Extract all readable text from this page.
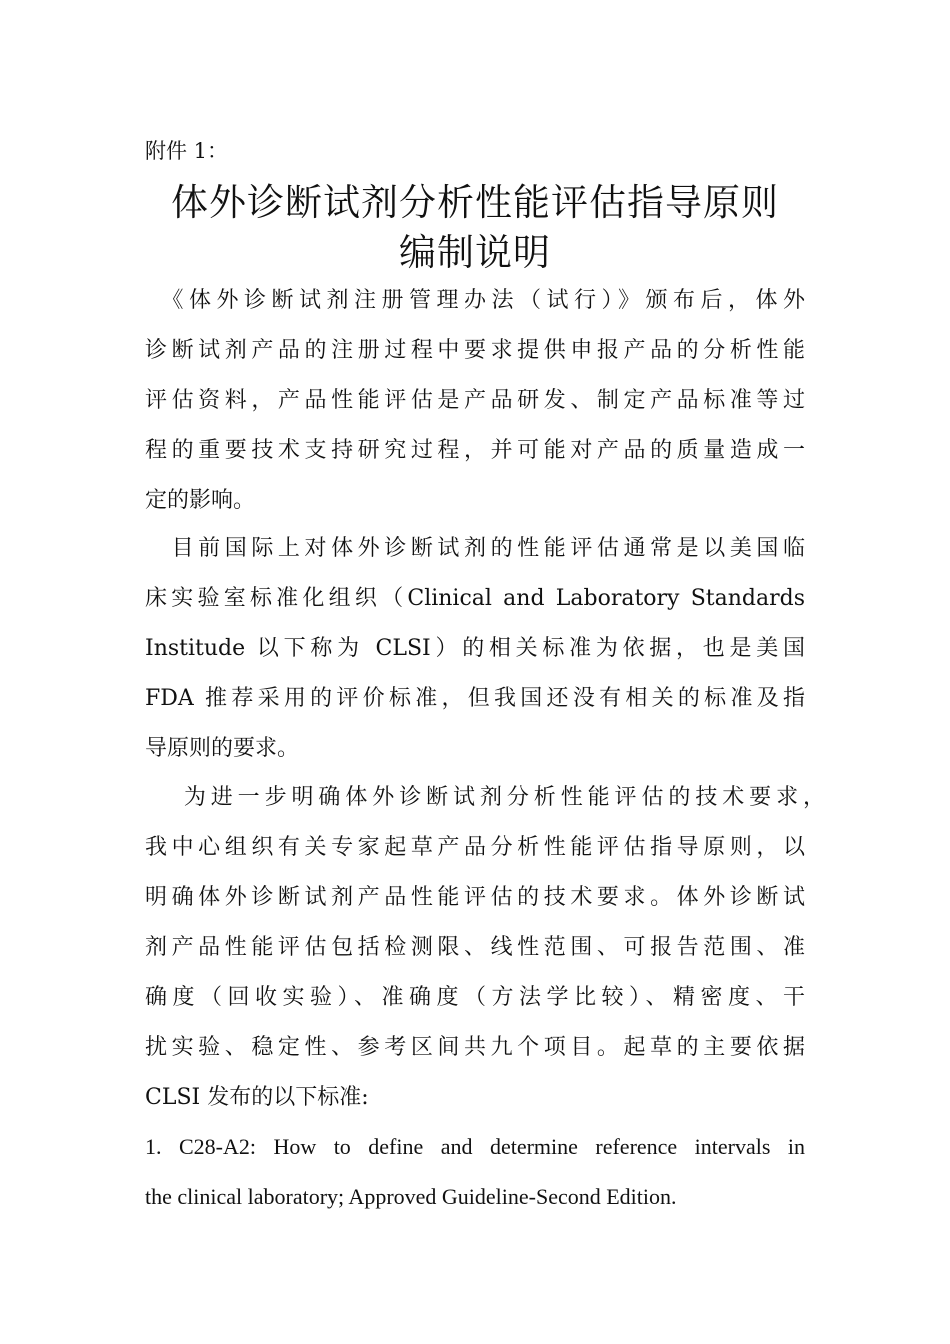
附件 1：

体外诊断试剂分析性能评估指导原则
编制说明
　《体外诊断试剂注册管理办法（试行）》颁布后，体外
诊断试剂产品的注册过程中要求提供申报产品的分析性能
评估资料，产品性能评估是产品研发、制定产品标准等过
程的重要技术支持研究过程，并可能对产品的质量造成一
定的影响。
　目前国际上对体外诊断试剂的性能评估通常是以美国临
床实验室标准化组织（Clinical and Laboratory Standards
Institude 以下称为 CLSI）的相关标准为依据，也是美国
FDA 推荐采用的评价标准，但我国还没有相关的标准及指
导原则的要求。
　 为进一步明确体外诊断试剂分析性能评估的技术要求，
我中心组织有关专家起草产品分析性能评估指导原则，以
明确体外诊断试剂产品性能评估的技术要求。体外诊断试
剂产品性能评估包括检测限、线性范围、可报告范围、准
确度（回收实验）、准确度（方法学比较）、精密度、干
扰实验、稳定性、参考区间共九个项目。起草的主要依据
CLSI 发布的以下标准:
1. C28-A2: How to define and determine reference intervals in
the clinical laboratory; Approved Guideline-Second Edition.
